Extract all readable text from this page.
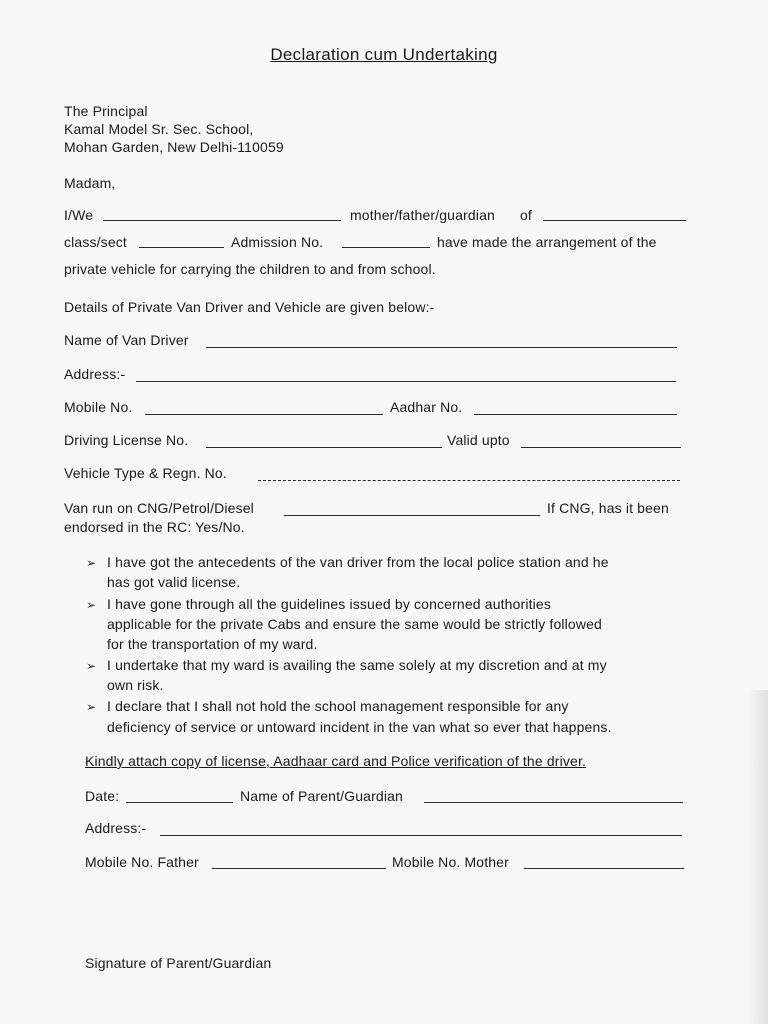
Declaration cum Undertaking
The Principal
Kamal Model Sr. Sec. School,
Mohan Garden, New Delhi-110059
Madam,
I/We	mother/father/guardian of
class/sect	Admission No.	have made the arrangement of the
private vehicle for carrying the children to and from school.
Details of Private Van Driver and Vehicle are given below:-
Name of Van Driver
Address:-
Mobile No.	Aadhar No.
Driving License No.	Valid upto
Vehicle Type & Regn. No.
Van run on CNG/Petrol/Diesel	If CNG, has it been
endorsed in the RC: Yes/No.
➢ I have got the antecedents of the van driver from the local police station and he
has got valid license.
➢ I have gone through all the guidelines issued by concerned authorities
applicable for the private Cabs and ensure the same would be strictly followed
for the transportation of my ward.
➢ I undertake that my ward is availing the same solely at my discretion and at my
own risk.
➢ I declare that I shall not hold the school management responsible for any
deficiency of service or untoward incident in the van what so ever that happens.
Kindly attach copy of license, Aadhaar card and Police verification of the driver.
Date:	Name of Parent/Guardian
Address:-
Mobile No. Father	Mobile No. Mother
Signature of Parent/Guardian
